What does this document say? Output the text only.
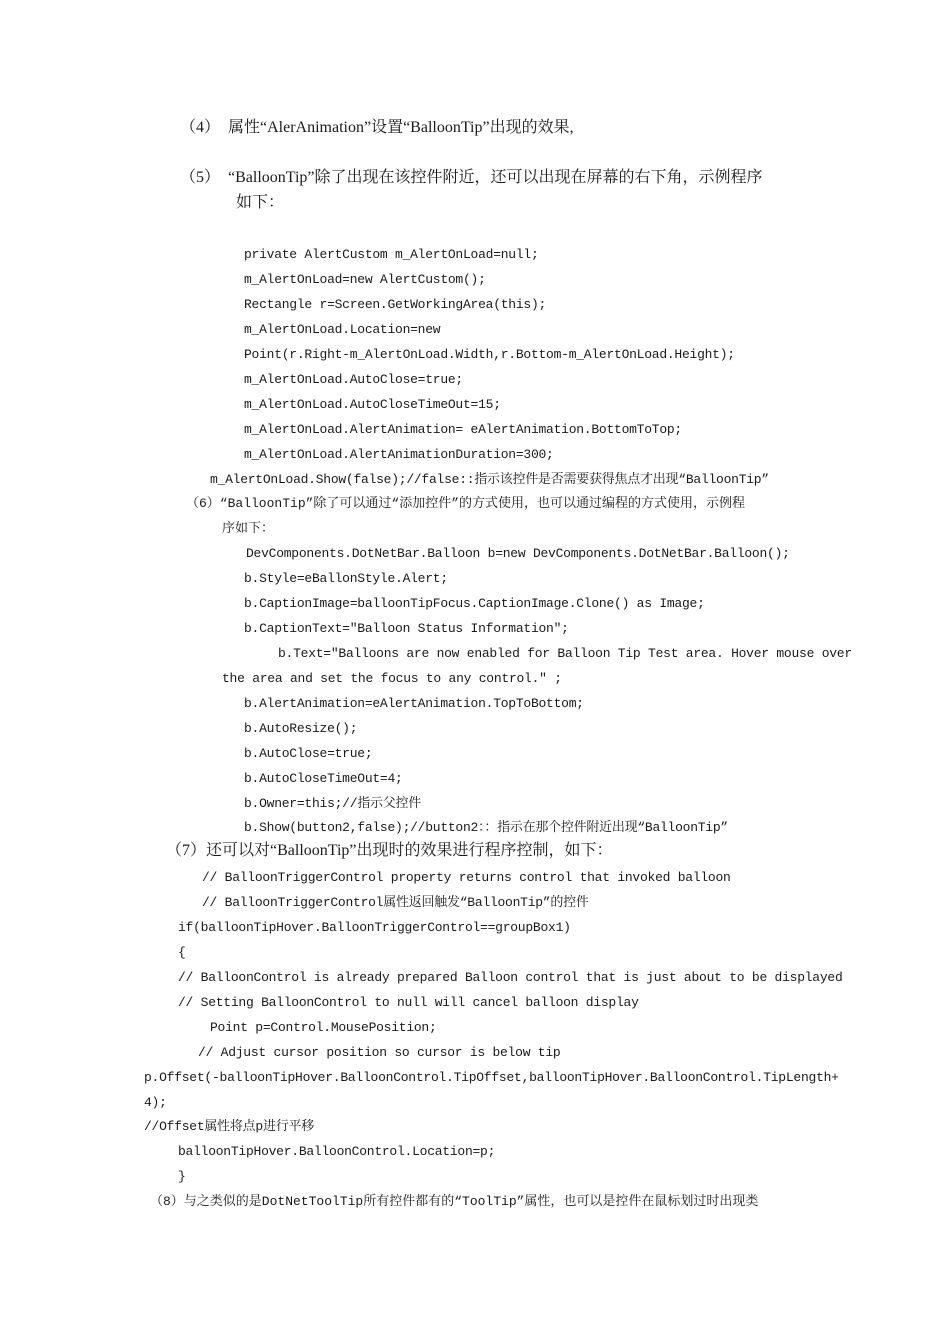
（4）  属性“AlerAnimation”设置“BalloonTip”出现的效果,
（5）  “BalloonTip”除了出现在该控件附近，还可以出现在屏幕的右下角，示例程序
如下：
private AlertCustom m_AlertOnLoad=null;
m_AlertOnLoad=new AlertCustom();
Rectangle r=Screen.GetWorkingArea(this);
m_AlertOnLoad.Location=new
Point(r.Right-m_AlertOnLoad.Width,r.Bottom-m_AlertOnLoad.Height);
m_AlertOnLoad.AutoClose=true;
m_AlertOnLoad.AutoCloseTimeOut=15;
m_AlertOnLoad.AlertAnimation= eAlertAnimation.BottomToTop;
m_AlertOnLoad.AlertAnimationDuration=300;
m_AlertOnLoad.Show(false);//false::指示该控件是否需要获得焦点才出现“BalloonTip”
（6）“BalloonTip”除了可以通过“添加控件”的方式使用，也可以通过编程的方式使用，示例程
序如下：
DevComponents.DotNetBar.Balloon b=new DevComponents.DotNetBar.Balloon();
b.Style=eBallonStyle.Alert;
b.CaptionImage=balloonTipFocus.CaptionImage.Clone() as Image;
b.CaptionText="Balloon Status Information";
b.Text="Balloons are now enabled for Balloon Tip Test area. Hover mouse over
the area and set the focus to any control." ;
b.AlertAnimation=eAlertAnimation.TopToBottom;
b.AutoResize();
b.AutoClose=true;
b.AutoCloseTimeOut=4;
b.Owner=this;//指示父控件
b.Show(button2,false);//button2：：指示在那个控件附近出现“BalloonTip”
（7）还可以对“BalloonTip”出现时的效果进行程序控制，如下：
// BalloonTriggerControl property returns control that invoked balloon
// BalloonTriggerControl属性返回触发“BalloonTip”的控件
if(balloonTipHover.BalloonTriggerControl==groupBox1)
{
// BalloonControl is already prepared Balloon control that is just about to be displayed
// Setting BalloonControl to null will cancel balloon display
Point p=Control.MousePosition;
// Adjust cursor position so cursor is below tip
p.Offset(-balloonTipHover.BalloonControl.TipOffset,balloonTipHover.BalloonControl.TipLength+
4);
//Offset属性将点p进行平移
balloonTipHover.BalloonControl.Location=p;
}
（8）与之类似的是DotNetToolTip所有控件都有的“ToolTip”属性，也可以是控件在鼠标划过时出现类
